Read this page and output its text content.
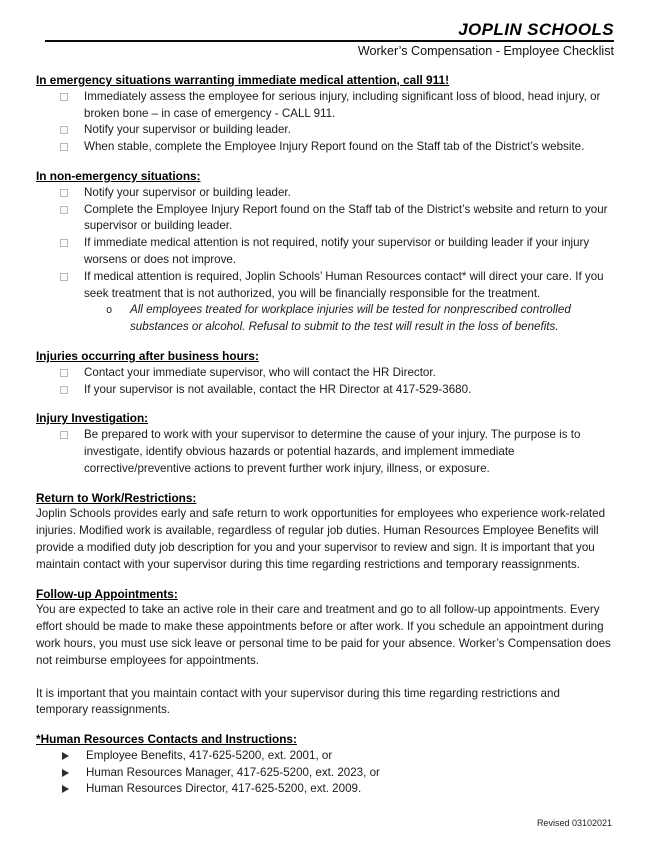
JOPLIN SCHOOLS
Worker’s Compensation - Employee Checklist
In emergency situations warranting immediate medical attention, call 911!
Immediately assess the employee for serious injury, including significant loss of blood, head injury, or broken bone – in case of emergency - CALL 911.
Notify your supervisor or building leader.
When stable, complete the Employee Injury Report found on the Staff tab of the District’s website.
In non-emergency situations:
Notify your supervisor or building leader.
Complete the Employee Injury Report found on the Staff tab of the District’s website and return to your supervisor or building leader.
If immediate medical attention is not required, notify your supervisor or building leader if your injury worsens or does not improve.
If medical attention is required, Joplin Schools’ Human Resources contact* will direct your care. If you seek treatment that is not authorized, you will be financially responsible for the treatment.
o	All employees treated for workplace injuries will be tested for nonprescribed controlled substances or alcohol. Refusal to submit to the test will result in the loss of benefits.
Injuries occurring after business hours:
Contact your immediate supervisor, who will contact the HR Director.
If your supervisor is not available, contact the HR Director at 417-529-3680.
Injury Investigation:
Be prepared to work with your supervisor to determine the cause of your injury. The purpose is to investigate, identify obvious hazards or potential hazards, and implement immediate corrective/preventive actions to prevent further work injury, illness, or exposure.
Return to Work/Restrictions:

Joplin Schools provides early and safe return to work opportunities for employees who experience work-related injuries. Modified work is available, regardless of regular job duties. Human Resources Employee Benefits will provide a modified duty job description for you and your supervisor to review and sign. It is important that you maintain contact with your supervisor during this time regarding restrictions and temporary reassignments.

Follow-up Appointments:

You are expected to take an active role in their care and treatment and go to all follow-up appointments. Every effort should be made to make these appointments before or after work. If you schedule an appointment during work hours, you must use sick leave or personal time to be paid for your absence. Worker’s Compensation does not reimburse employees for appointments.

It is important that you maintain contact with your supervisor during this time regarding restrictions and temporary reassignments.

*Human Resources Contacts and Instructions:
Employee Benefits, 417-625-5200, ext. 2001, or
Human Resources Manager, 417-625-5200, ext. 2023, or
Human Resources Director, 417-625-5200, ext. 2009.
Revised 03102021
